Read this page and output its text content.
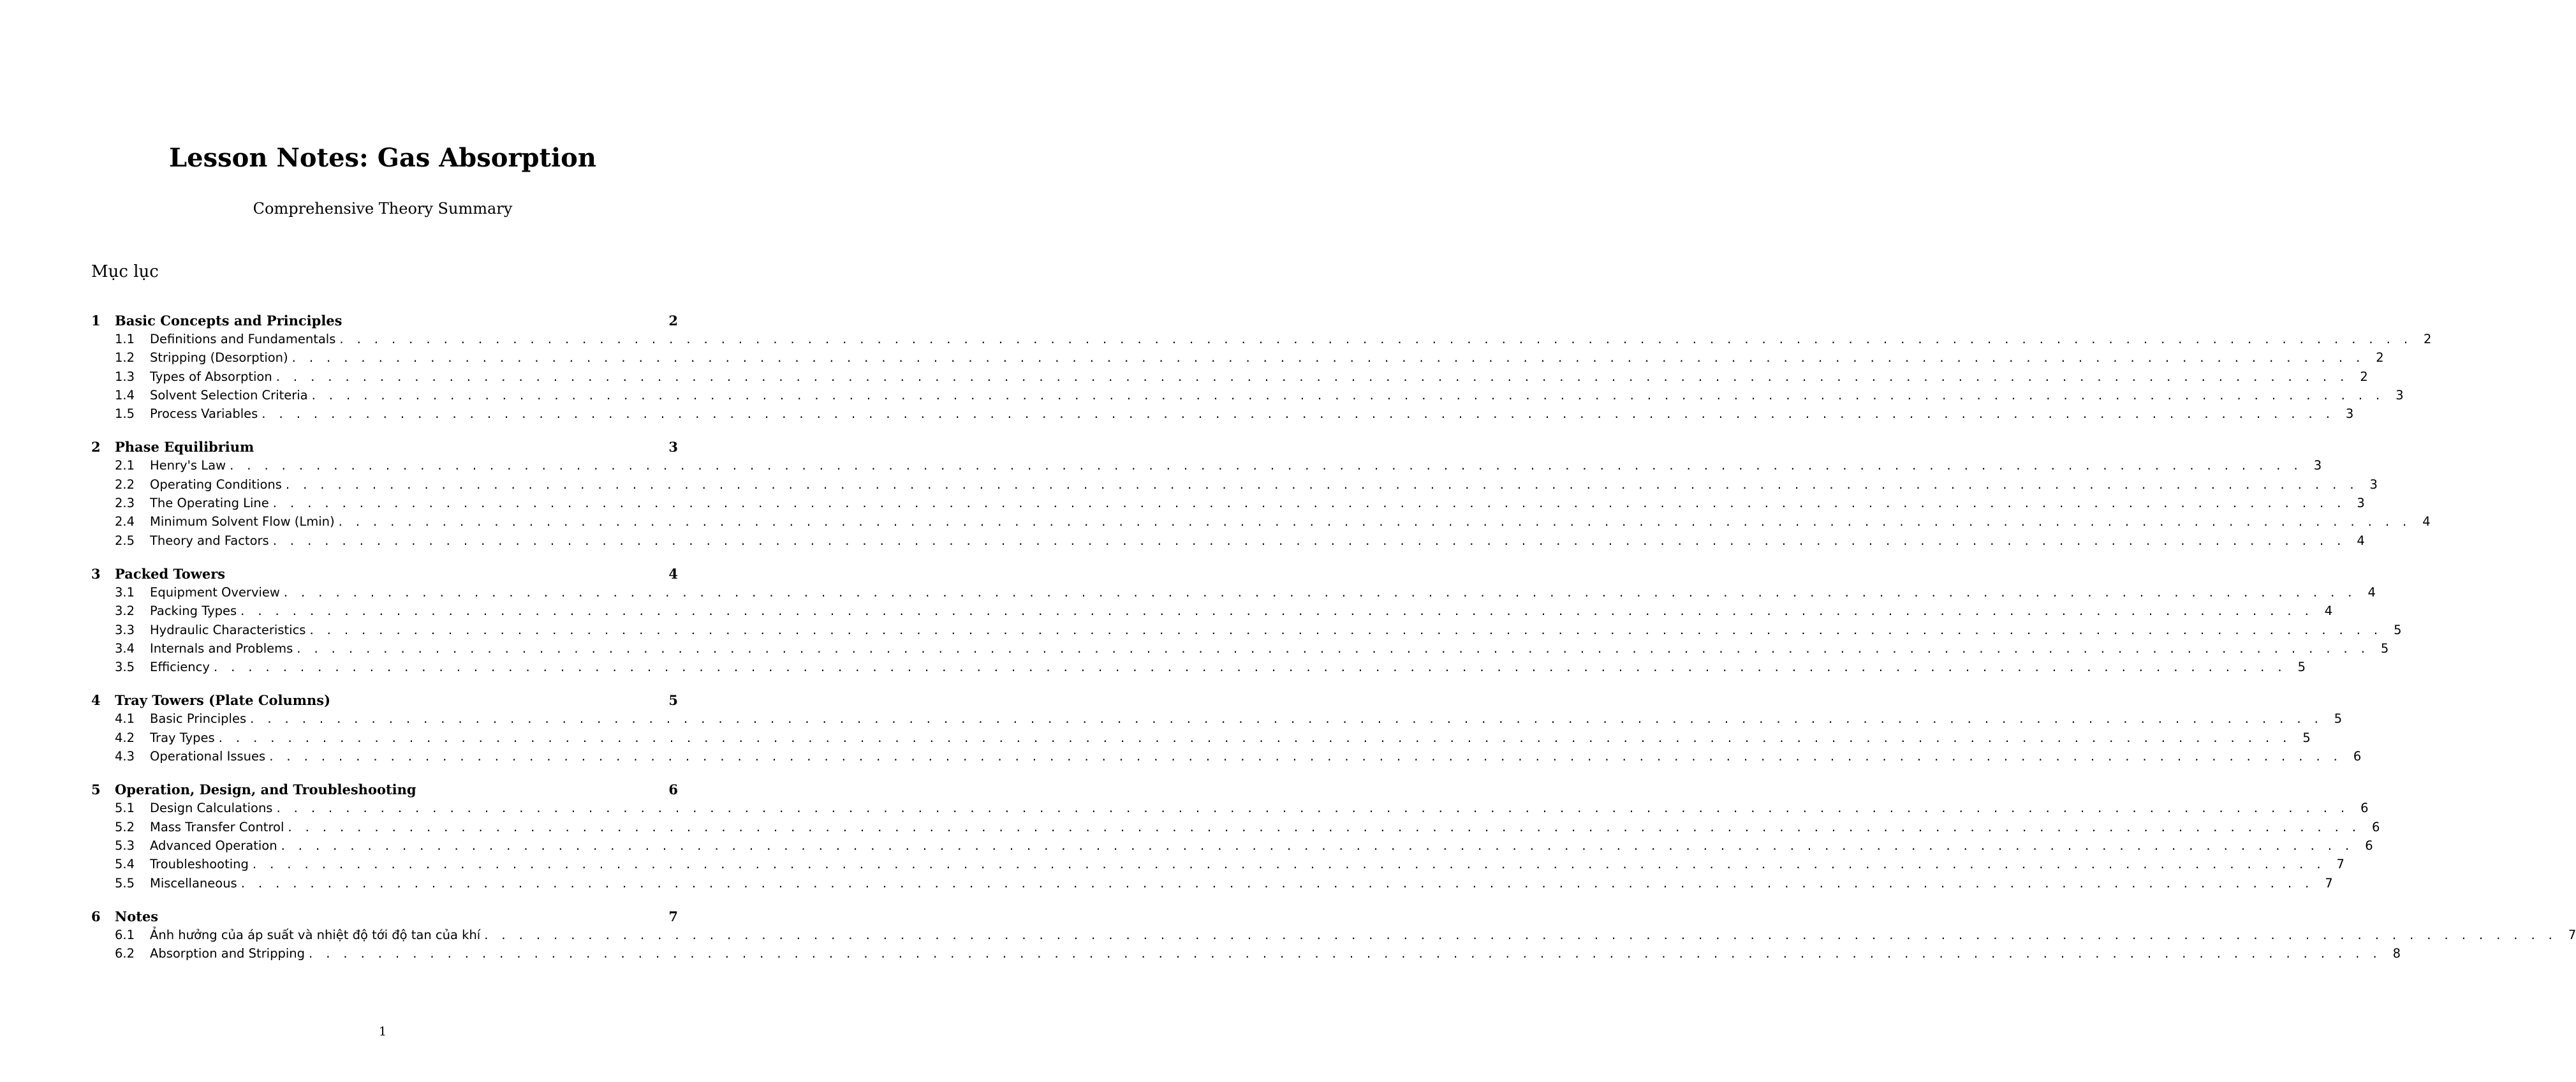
Lesson Notes: Gas Absorption
Comprehensive Theory Summary
Mục lục
1	Basic Concepts and Principles	2
1.1	Definitions and Fundamentals . . . . . . . . . . . . . . . . . . . . . . . . . . . . . . . . . . . . . . . . . . . . . . . . . . . . . . . . . . . . . . . . . . . . . . . . . . . . . . . . . . . . . . . . . . . . . . . . . . . . . . . . . . . . . . . . . . . . . . . . 2
1.2	Stripping (Desorption) . . . . . . . . . . . . . . . . . . . . . . . . . . . . . . . . . . . . . . . . . . . . . . . . . . . . . . . . . . . . . . . . . . . . . . . . . . . . . . . . . . . . . . . . . . . . . . . . . . . . . . . . . . . . . . . . . . . . . . . . 2
1.3	Types of Absorption . . . . . . . . . . . . . . . . . . . . . . . . . . . . . . . . . . . . . . . . . . . . . . . . . . . . . . . . . . . . . . . . . . . . . . . . . . . . . . . . . . . . . . . . . . . . . . . . . . . . . . . . . . . . . . . . . . . . . . . . 2
1.4	Solvent Selection Criteria . . . . . . . . . . . . . . . . . . . . . . . . . . . . . . . . . . . . . . . . . . . . . . . . . . . . . . . . . . . . . . . . . . . . . . . . . . . . . . . . . . . . . . . . . . . . . . . . . . . . . . . . . . . . . . . . . . . . . . . . 3
1.5	Process Variables . . . . . . . . . . . . . . . . . . . . . . . . . . . . . . . . . . . . . . . . . . . . . . . . . . . . . . . . . . . . . . . . . . . . . . . . . . . . . . . . . . . . . . . . . . . . . . . . . . . . . . . . . . . . . . . . . . . . . . . . 3
2	Phase Equilibrium	3
2.1	Henry's Law . . . . . . . . . . . . . . . . . . . . . . . . . . . . . . . . . . . . . . . . . . . . . . . . . . . . . . . . . . . . . . . . . . . . . . . . . . . . . . . . . . . . . . . . . . . . . . . . . . . . . . . . . . . . . . . . . . . . . . . . 3
2.2	Operating Conditions . . . . . . . . . . . . . . . . . . . . . . . . . . . . . . . . . . . . . . . . . . . . . . . . . . . . . . . . . . . . . . . . . . . . . . . . . . . . . . . . . . . . . . . . . . . . . . . . . . . . . . . . . . . . . . . . . . . . . . . . 3
2.3	The Operating Line . . . . . . . . . . . . . . . . . . . . . . . . . . . . . . . . . . . . . . . . . . . . . . . . . . . . . . . . . . . . . . . . . . . . . . . . . . . . . . . . . . . . . . . . . . . . . . . . . . . . . . . . . . . . . . . . . . . . . . . . 3
2.4	Minimum Solvent Flow (Lmin) . . . . . . . . . . . . . . . . . . . . . . . . . . . . . . . . . . . . . . . . . . . . . . . . . . . . . . . . . . . . . . . . . . . . . . . . . . . . . . . . . . . . . . . . . . . . . . . . . . . . . . . . . . . . . . . . . . . . . . . . 4
2.5	Theory and Factors . . . . . . . . . . . . . . . . . . . . . . . . . . . . . . . . . . . . . . . . . . . . . . . . . . . . . . . . . . . . . . . . . . . . . . . . . . . . . . . . . . . . . . . . . . . . . . . . . . . . . . . . . . . . . . . . . . . . . . . . 4
3	Packed Towers	4
3.1	Equipment Overview . . . . . . . . . . . . . . . . . . . . . . . . . . . . . . . . . . . . . . . . . . . . . . . . . . . . . . . . . . . . . . . . . . . . . . . . . . . . . . . . . . . . . . . . . . . . . . . . . . . . . . . . . . . . . . . . . . . . . . . . 4
3.2	Packing Types . . . . . . . . . . . . . . . . . . . . . . . . . . . . . . . . . . . . . . . . . . . . . . . . . . . . . . . . . . . . . . . . . . . . . . . . . . . . . . . . . . . . . . . . . . . . . . . . . . . . . . . . . . . . . . . . . . . . . . . . 4
3.3	Hydraulic Characteristics . . . . . . . . . . . . . . . . . . . . . . . . . . . . . . . . . . . . . . . . . . . . . . . . . . . . . . . . . . . . . . . . . . . . . . . . . . . . . . . . . . . . . . . . . . . . . . . . . . . . . . . . . . . . . . . . . . . . . . . . 5
3.4	Internals and Problems . . . . . . . . . . . . . . . . . . . . . . . . . . . . . . . . . . . . . . . . . . . . . . . . . . . . . . . . . . . . . . . . . . . . . . . . . . . . . . . . . . . . . . . . . . . . . . . . . . . . . . . . . . . . . . . . . . . . . . . . 5
3.5	Efficiency . . . . . . . . . . . . . . . . . . . . . . . . . . . . . . . . . . . . . . . . . . . . . . . . . . . . . . . . . . . . . . . . . . . . . . . . . . . . . . . . . . . . . . . . . . . . . . . . . . . . . . . . . . . . . . . . . . . . . . . . 5
4	Tray Towers (Plate Columns)	5
4.1	Basic Principles . . . . . . . . . . . . . . . . . . . . . . . . . . . . . . . . . . . . . . . . . . . . . . . . . . . . . . . . . . . . . . . . . . . . . . . . . . . . . . . . . . . . . . . . . . . . . . . . . . . . . . . . . . . . . . . . . . . . . . . . 5
4.2	Tray Types . . . . . . . . . . . . . . . . . . . . . . . . . . . . . . . . . . . . . . . . . . . . . . . . . . . . . . . . . . . . . . . . . . . . . . . . . . . . . . . . . . . . . . . . . . . . . . . . . . . . . . . . . . . . . . . . . . . . . . . . 5
4.3	Operational Issues . . . . . . . . . . . . . . . . . . . . . . . . . . . . . . . . . . . . . . . . . . . . . . . . . . . . . . . . . . . . . . . . . . . . . . . . . . . . . . . . . . . . . . . . . . . . . . . . . . . . . . . . . . . . . . . . . . . . . . . . 6
5	Operation, Design, and Troubleshooting	6
5.1	Design Calculations . . . . . . . . . . . . . . . . . . . . . . . . . . . . . . . . . . . . . . . . . . . . . . . . . . . . . . . . . . . . . . . . . . . . . . . . . . . . . . . . . . . . . . . . . . . . . . . . . . . . . . . . . . . . . . . . . . . . . . . . 6
5.2	Mass Transfer Control . . . . . . . . . . . . . . . . . . . . . . . . . . . . . . . . . . . . . . . . . . . . . . . . . . . . . . . . . . . . . . . . . . . . . . . . . . . . . . . . . . . . . . . . . . . . . . . . . . . . . . . . . . . . . . . . . . . . . . . . 6
5.3	Advanced Operation . . . . . . . . . . . . . . . . . . . . . . . . . . . . . . . . . . . . . . . . . . . . . . . . . . . . . . . . . . . . . . . . . . . . . . . . . . . . . . . . . . . . . . . . . . . . . . . . . . . . . . . . . . . . . . . . . . . . . . . . 6
5.4	Troubleshooting . . . . . . . . . . . . . . . . . . . . . . . . . . . . . . . . . . . . . . . . . . . . . . . . . . . . . . . . . . . . . . . . . . . . . . . . . . . . . . . . . . . . . . . . . . . . . . . . . . . . . . . . . . . . . . . . . . . . . . . . 7
5.5	Miscellaneous . . . . . . . . . . . . . . . . . . . . . . . . . . . . . . . . . . . . . . . . . . . . . . . . . . . . . . . . . . . . . . . . . . . . . . . . . . . . . . . . . . . . . . . . . . . . . . . . . . . . . . . . . . . . . . . . . . . . . . . . 7
6	Notes	7
6.1	Ảnh hưởng của áp suất và nhiệt độ tới độ tan của khí . . . . . . . . . . . . . . . . . . . . . . . . . . . . . . . . . . . . . . . . . . . . . . . . . . . . . . . . . . . . . . . . . . . . . . . . . . . . . . . . . . . . . . . . . . . . . . . . . . . . . . . . . . . . . . . . . . . . . . . . 7
6.2	Absorption and Stripping . . . . . . . . . . . . . . . . . . . . . . . . . . . . . . . . . . . . . . . . . . . . . . . . . . . . . . . . . . . . . . . . . . . . . . . . . . . . . . . . . . . . . . . . . . . . . . . . . . . . . . . . . . . . . . . . . . . . . . . . 8
1
